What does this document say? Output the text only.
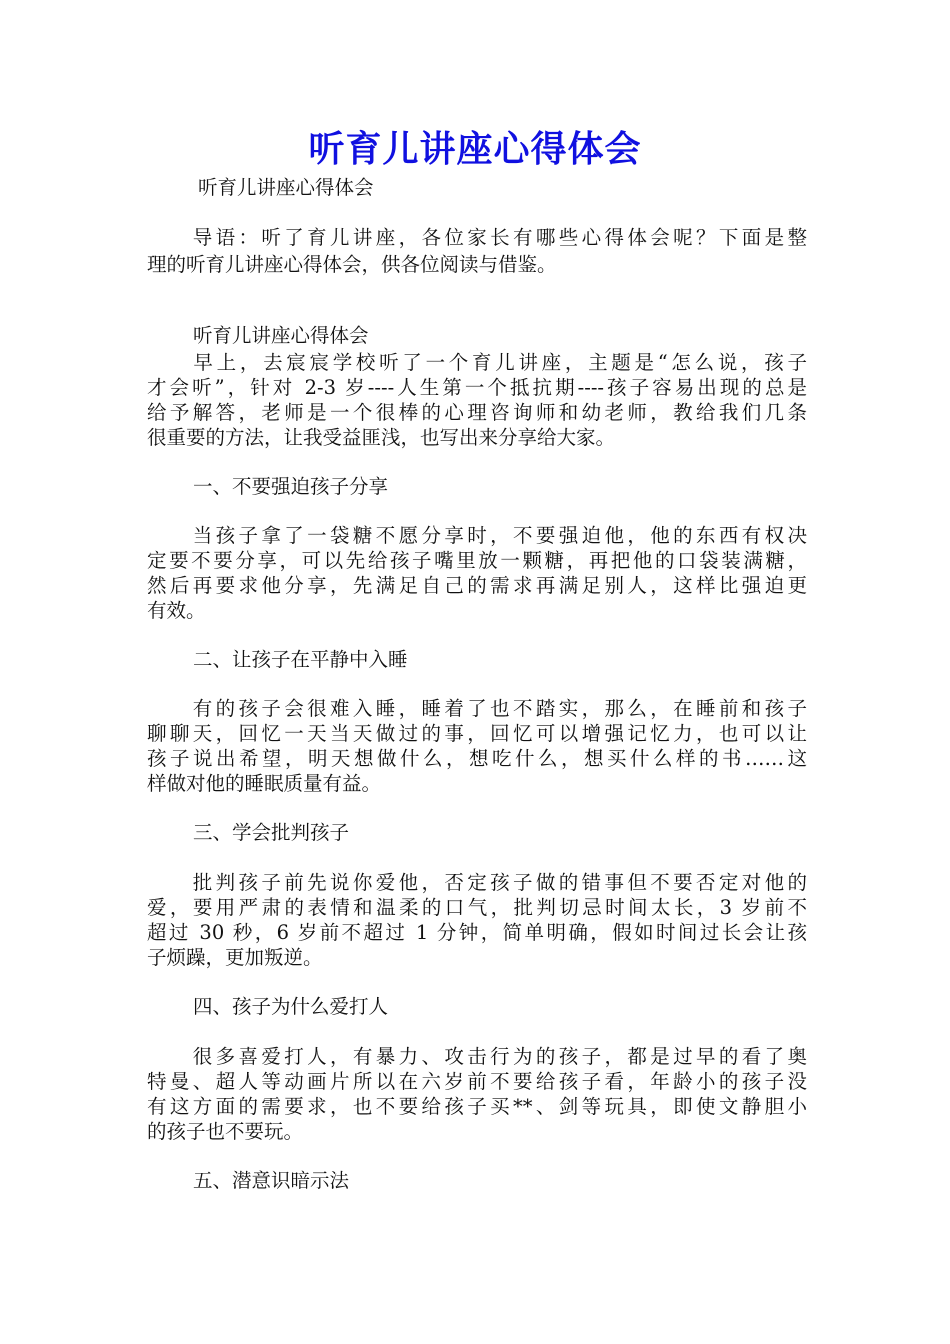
听育儿讲座心得体会
听育儿讲座心得体会
　　导语：听了育儿讲座，各位家长有哪些心得体会呢？下面是整
理的听育儿讲座心得体会，供各位阅读与借鉴。
听育儿讲座心得体会
　　早上，去宸宸学校听了一个育儿讲座，主题是“怎么说，孩子
才会听”，针对 2-3 岁----人生第一个抵抗期----孩子容易出现的总是
给予解答，老师是一个很棒的心理咨询师和幼老师，教给我们几条
很重要的方法，让我受益匪浅，也写出来分享给大家。
一、不要强迫孩子分享
　　当孩子拿了一袋糖不愿分享时，不要强迫他，他的东西有权决
定要不要分享，可以先给孩子嘴里放一颗糖，再把他的口袋装满糖，
然后再要求他分享，先满足自己的需求再满足别人，这样比强迫更
有效。
二、让孩子在平静中入睡
　　有的孩子会很难入睡，睡着了也不踏实，那么，在睡前和孩子
聊聊天，回忆一天当天做过的事，回忆可以增强记忆力，也可以让
孩子说出希望，明天想做什么，想吃什么，想买什么样的书……这
样做对他的睡眠质量有益。
三、学会批判孩子
　　批判孩子前先说你爱他，否定孩子做的错事但不要否定对他的
爱，要用严肃的表情和温柔的口气，批判切忌时间太长，3 岁前不
超过 30 秒，6 岁前不超过 1 分钟，简单明确，假如时间过长会让孩
子烦躁，更加叛逆。
四、孩子为什么爱打人
　　很多喜爱打人，有暴力、攻击行为的孩子，都是过早的看了奥
特曼、超人等动画片所以在六岁前不要给孩子看，年龄小的孩子没
有这方面的需要求，也不要给孩子买**、剑等玩具，即使文静胆小
的孩子也不要玩。
五、潜意识暗示法
